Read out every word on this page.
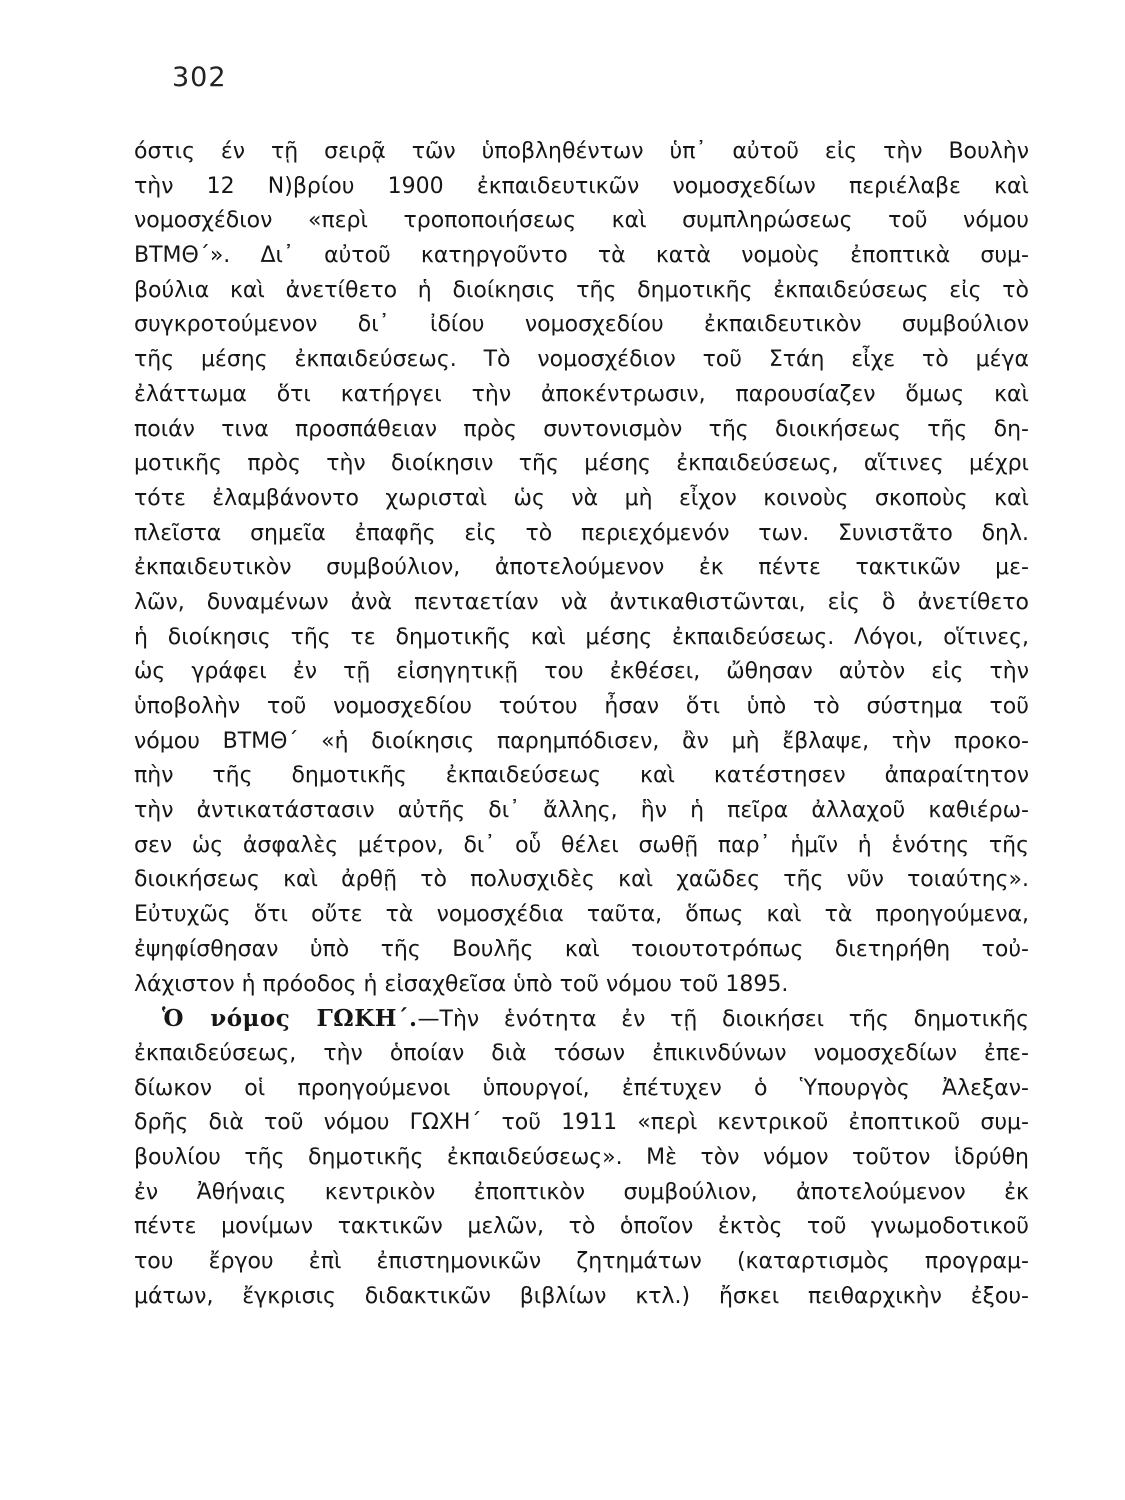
302
όστις έν τῇ σειρᾷ τῶν ὑποβληθέντων ὑπ᾿ αὐτοῦ εἰς τὴν Βουλὴν
τὴν 12 Ν)βρίου 1900 ἐκπαιδευτικῶν νομοσχεδίων περιέλαβε καὶ
νομοσχέδιον «περὶ τροποποιήσεως καὶ συμπληρώσεως τοῦ νόμου
ΒΤΜΘ΄». Δι᾿ αὐτοῦ κατηργοῦντο τὰ κατὰ νομοὺς ἐποπτικὰ συμ-
βούλια καὶ ἀνετίθετο ἡ διοίκησις τῆς δημοτικῆς ἐκπαιδεύσεως εἰς τὸ
συγκροτούμενον δι᾿ ἰδίου νομοσχεδίου ἐκπαιδευτικὸν συμβούλιον
τῆς μέσης ἐκπαιδεύσεως. Τὸ νομοσχέδιον τοῦ Στάη εἶχε τὸ μέγα
ἐλάττωμα ὅτι κατήργει τὴν ἀποκέντρωσιν, παρουσίαζεν ὅμως καὶ
ποιάν τινα προσπάθειαν πρὸς συντονισμὸν τῆς διοικήσεως τῆς δη-
μοτικῆς πρὸς τὴν διοίκησιν τῆς μέσης ἐκπαιδεύσεως, αἵτινες μέχρι
τότε ἐλαμβάνοντο χωρισταὶ ὡς νὰ μὴ εἶχον κοινοὺς σκοποὺς καὶ
πλεῖστα σημεῖα ἐπαφῆς εἰς τὸ περιεχόμενόν των. Συνιστᾶτο δηλ.
ἐκπαιδευτικὸν συμβούλιον, ἀποτελούμενον ἐκ πέντε τακτικῶν με-
λῶν, δυναμένων ἀνὰ πενταετίαν νὰ ἀντικαθιστῶνται, εἰς ὃ ἀνετίθετο
ἡ διοίκησις τῆς τε δημοτικῆς καὶ μέσης ἐκπαιδεύσεως. Λόγοι, οἵτινες,
ὡς γράφει ἐν τῇ εἰσηγητικῇ του ἐκθέσει, ὤθησαν αὐτὸν εἰς τὴν
ὑποβολὴν τοῦ νομοσχεδίου τούτου ἦσαν ὅτι ὑπὸ τὸ σύστημα τοῦ
νόμου ΒΤΜΘ΄ «ἡ διοίκησις παρημπόδισεν, ἂν μὴ ἔβλαψε, τὴν προκο-
πὴν τῆς δημοτικῆς ἐκπαιδεύσεως καὶ κατέστησεν ἀπαραίτητον
τὴν ἀντικατάστασιν αὐτῆς δι᾿ ἄλλης, ἣν ἡ πεῖρα ἀλλαχοῦ καθιέρω-
σεν ὡς ἀσφαλὲς μέτρον, δι᾿ οὗ θέλει σωθῇ παρ᾿ ἡμῖν ἡ ἑνότης τῆς
διοικήσεως καὶ ἀρθῇ τὸ πολυσχιδὲς καὶ χαῶδες τῆς νῦν τοιαύτης».
Εὐτυχῶς ὅτι οὔτε τὰ νομοσχέδια ταῦτα, ὅπως καὶ τὰ προηγούμενα,
ἐψηφίσθησαν ὑπὸ τῆς Βουλῆς καὶ τοιουτοτρόπως διετηρήθη τοὐ-
λάχιστον ἡ πρόοδος ἡ εἰσαχθεῖσα ὑπὸ τοῦ νόμου τοῦ 1895.
Ὁ νόμος ΓΩΚΗ΄.—Τὴν ἑνότητα ἐν τῇ διοικήσει τῆς δημοτικῆς
ἐκπαιδεύσεως, τὴν ὁποίαν διὰ τόσων ἐπικινδύνων νομοσχεδίων ἐπε-
δίωκον οἱ προηγούμενοι ὑπουργοί, ἐπέτυχεν ὁ Ὑπουργὸς Ἀλεξαν-
δρῆς διὰ τοῦ νόμου ΓΩΧΗ΄ τοῦ 1911 «περὶ κεντρικοῦ ἐποπτικοῦ συμ-
βουλίου τῆς δημοτικῆς ἐκπαιδεύσεως». Μὲ τὸν νόμον τοῦτον ἱδρύθη
ἐν Ἀθήναις κεντρικὸν ἐποπτικὸν συμβούλιον, ἀποτελούμενον ἐκ
πέντε μονίμων τακτικῶν μελῶν, τὸ ὁποῖον ἐκτὸς τοῦ γνωμοδοτικοῦ
του ἔργου ἐπὶ ἐπιστημονικῶν ζητημάτων (καταρτισμὸς προγραμ-
μάτων, ἔγκρισις διδακτικῶν βιβλίων κτλ.) ἤσκει πειθαρχικὴν ἐξου-
